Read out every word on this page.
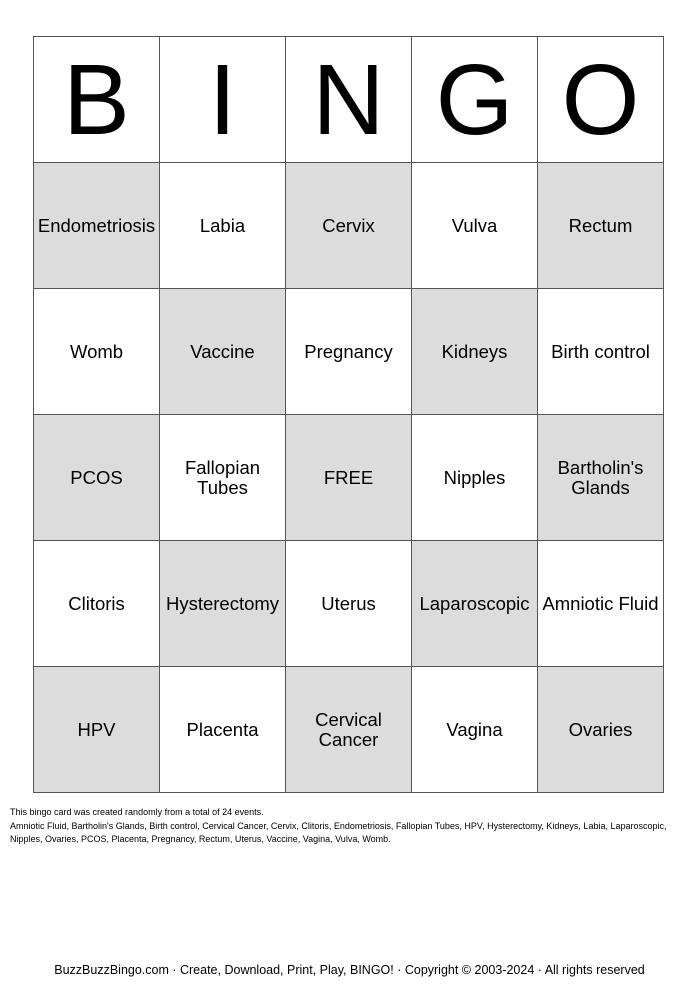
B	I	N	G	O
Endometriosis	Labia	Cervix	Vulva	Rectum
Womb	Vaccine	Pregnancy	Kidneys	Birth control
PCOS	Fallopian Tubes	FREE	Nipples	Bartholin's Glands
Clitoris	Hysterectomy	Uterus	Laparoscopic	Amniotic Fluid
HPV	Placenta	Cervical Cancer	Vagina	Ovaries

This bingo card was created randomly from a total of 24 events.

Amniotic Fluid, Bartholin's Glands, Birth control, Cervical Cancer, Cervix, Clitoris, Endometriosis, Fallopian Tubes, HPV, Hysterectomy, Kidneys, Labia, Laparoscopic, Nipples, Ovaries, PCOS, Placenta, Pregnancy, Rectum, Uterus, Vaccine, Vagina, Vulva, Womb.

BuzzBuzzBingo.com · Create, Download, Print, Play, BINGO! · Copyright © 2003-2024 · All rights reserved
